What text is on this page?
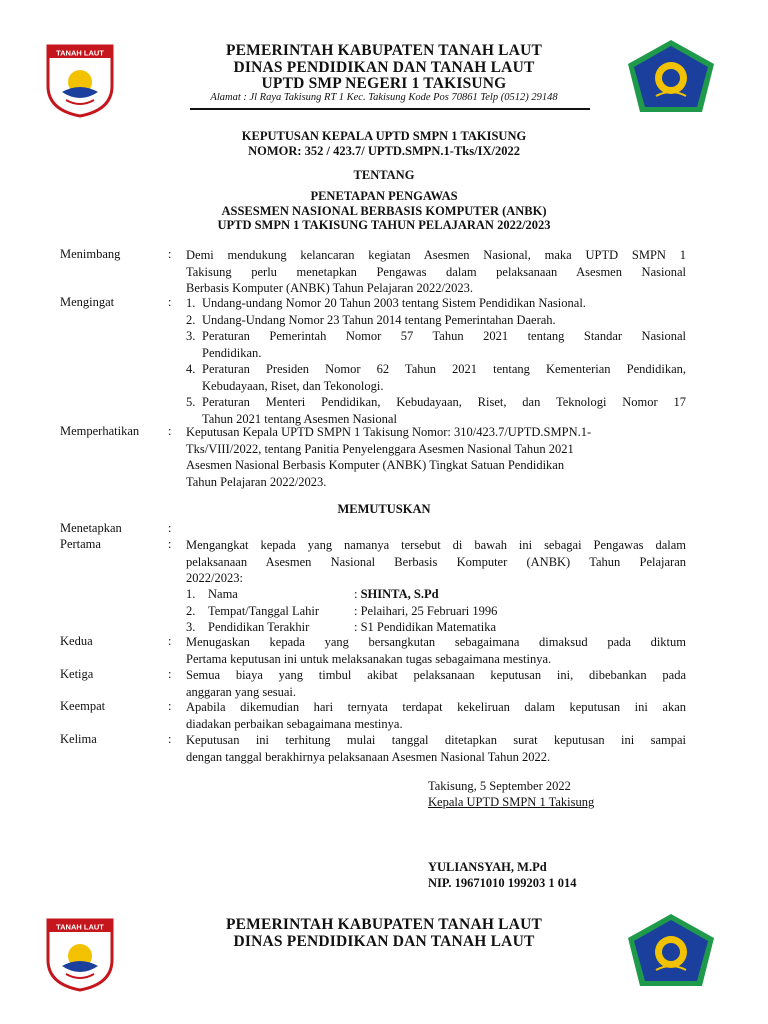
TANAH LAUT	PEMERINTAH KABUPATEN TANAH LAUT
DINAS PENDIDIKAN DAN TANAH LAUT
UPTD SMP NEGERI 1 TAKISUNG
Alamat : Jl Raya Takisung RT 1 Kec. Takisung Kode Pos 70861 Telp (0512) 29148
KEPUTUSAN KEPALA UPTD SMPN 1 TAKISUNG
NOMOR: 352 / 423.7/ UPTD.SMPN.1-Tks/IX/2022
TENTANG
PENETAPAN PENGAWAS
ASSESMEN NASIONAL BERBASIS KOMPUTER (ANBK)
UPTD SMPN 1 TAKISUNG TAHUN PELAJARAN 2022/2023
Menimbang	: Demi mendukung kelancaran kegiatan Asesmen Nasional, maka UPTD SMPN 1
Takisung perlu menetapkan Pengawas dalam pelaksanaan Asesmen Nasional
Berbasis Komputer (ANBK) Tahun Pelajaran 2022/2023.
Mengingat	: 1. Undang-undang Nomor 20 Tahun 2003 tentang Sistem Pendidikan Nasional.
2. Undang-Undang Nomor 23 Tahun 2014 tentang Pemerintahan Daerah.
3. Peraturan Pemerintah Nomor 57 Tahun 2021 tentang Standar Nasional
Pendidikan.
4. Peraturan Presiden Nomor 62 Tahun 2021 tentang Kementerian Pendidikan,
Kebudayaan, Riset, dan Tekonologi.
5. Peraturan Menteri Pendidikan, Kebudayaan, Riset, dan Teknologi Nomor 17
Tahun 2021 tentang Asesmen Nasional
Memperhatikan : Keputusan Kepala UPTD SMPN 1 Takisung Nomor: 310/423.7/UPTD.SMPN.1-
Tks/VIII/2022, tentang Panitia Penyelenggara Asesmen Nasional Tahun 2021
Asesmen Nasional Berbasis Komputer (ANBK) Tingkat Satuan Pendidikan
Tahun Pelajaran 2022/2023.
MEMUTUSKAN
Menetapkan	:
Pertama	: Mengangkat kepada yang namanya tersebut di bawah ini sebagai Pengawas dalam
pelaksanaan Asesmen Nasional Berbasis Komputer (ANBK) Tahun Pelajaran
2022/2023:
1.	Nama	: SHINTA, S.Pd
2.	Tempat/Tanggal Lahir	: Pelaihari, 25 Februari 1996
3.	Pendidikan Terakhir	: S1 Pendidikan Matematika
Kedua	: Menugaskan kepada yang bersangkutan sebagaimana dimaksud pada diktum
Pertama keputusan ini untuk melaksanakan tugas sebagaimana mestinya.
Ketiga	: Semua biaya yang timbul akibat pelaksanaan keputusan ini, dibebankan pada
anggaran yang sesuai.
Keempat	: Apabila dikemudian hari ternyata terdapat kekeliruan dalam keputusan ini akan
diadakan perbaikan sebagaimana mestinya.
Kelima	: Keputusan ini terhitung mulai tanggal ditetapkan surat keputusan ini sampai
dengan tanggal berakhirnya pelaksanaan Asesmen Nasional Tahun 2022.
Takisung, 5 September 2022
Kepala UPTD SMPN 1 Takisung
YULIANSYAH, M.Pd
NIP. 19671010 199203 1 014
TANAH LAUT	PEMERINTAH KABUPATEN TANAH LAUT
DINAS PENDIDIKAN DAN TANAH LAUT
